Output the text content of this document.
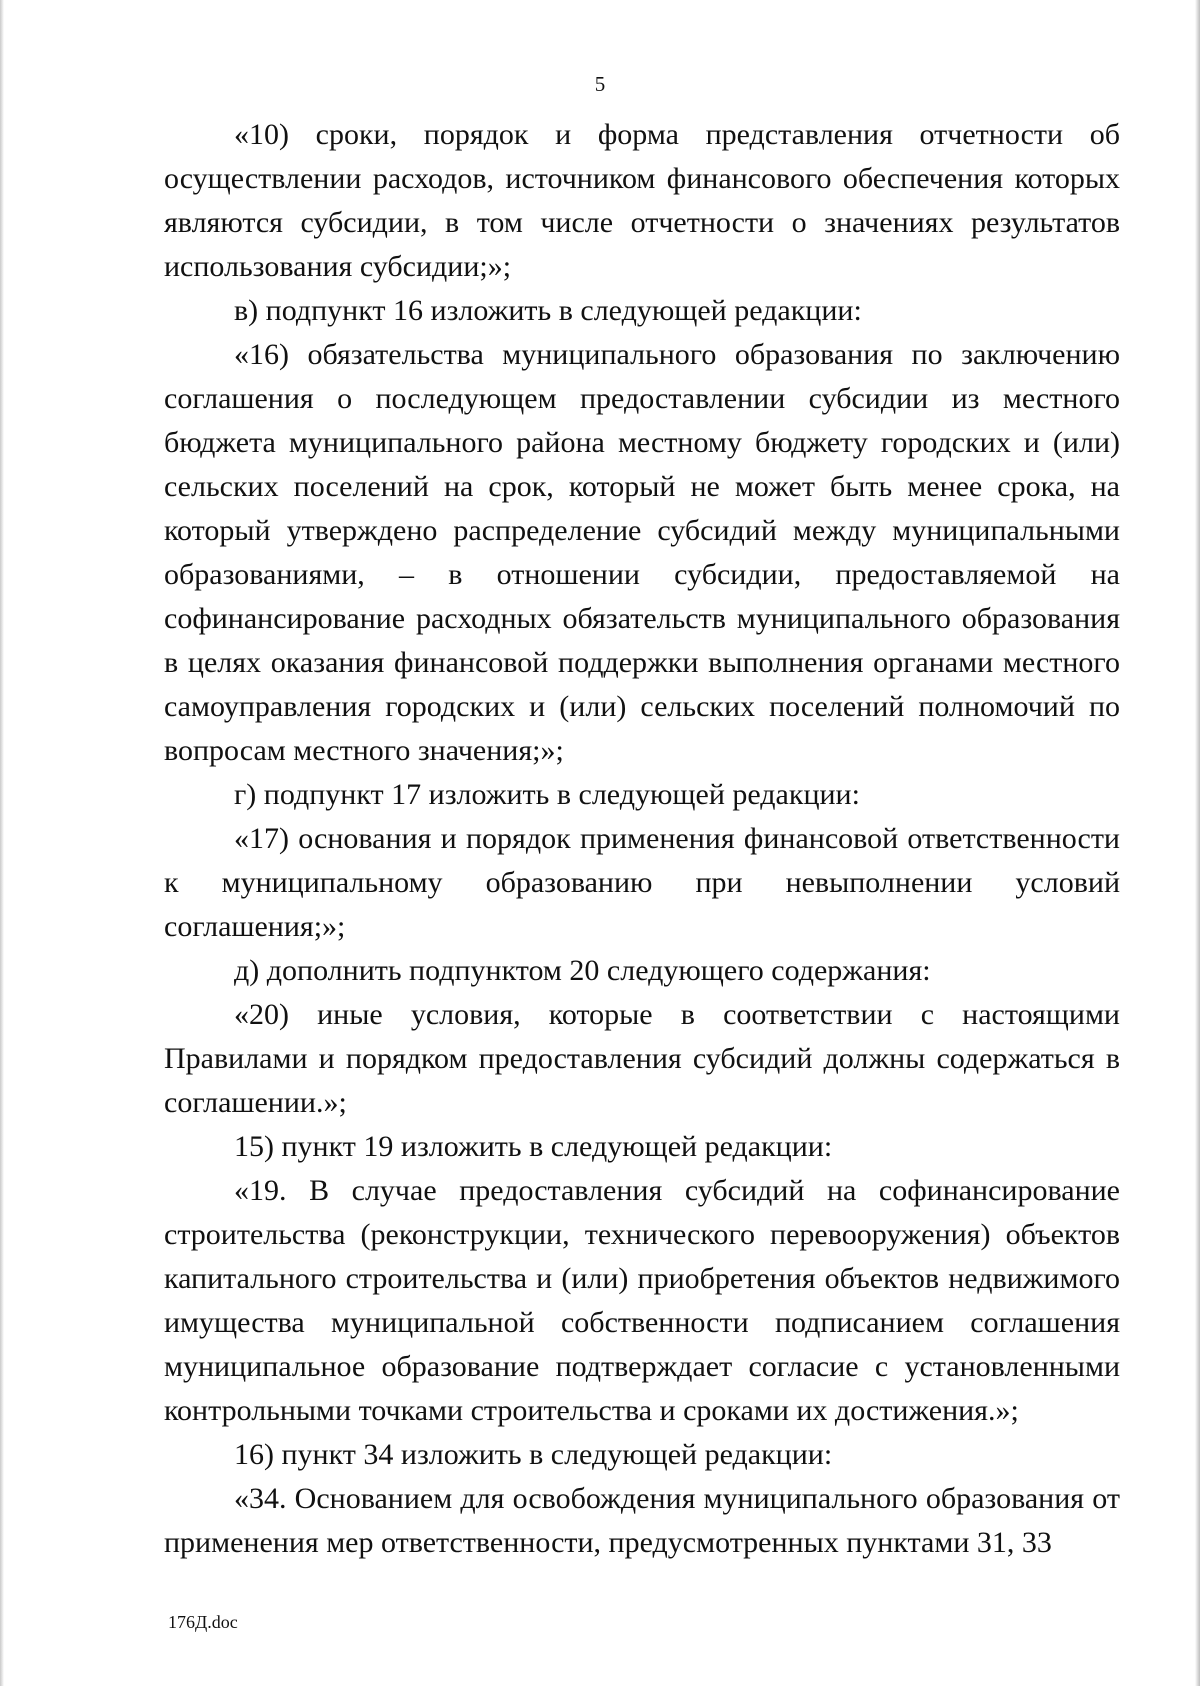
5

«10) сроки, порядок и форма представления отчетности об осуществлении расходов, источником финансового обеспечения которых являются субсидии, в том числе отчетности о значениях результатов использования субсидии;»;

в) подпункт 16 изложить в следующей редакции:

«16) обязательства муниципального образования по заключению соглашения о последующем предоставлении субсидии из местного бюджета муниципального района местному бюджету городских и (или) сельских поселений на срок, который не может быть менее срока, на который утверждено распределение субсидий между муниципальными образованиями, – в отношении субсидии, предоставляемой на софинансирование расходных обязательств муниципального образования в целях оказания финансовой поддержки выполнения органами местного самоуправления городских и (или) сельских поселений полномочий по вопросам местного значения;»;

г) подпункт 17 изложить в следующей редакции:

«17) основания и порядок применения финансовой ответственности к муниципальному образованию при невыполнении условий соглашения;»;

д) дополнить подпунктом 20 следующего содержания:

«20) иные условия, которые в соответствии с настоящими Правилами и порядком предоставления субсидий должны содержаться в соглашении.»;

15) пункт 19 изложить в следующей редакции:

«19. В случае предоставления субсидий на софинансирование строительства (реконструкции, технического перевооружения) объектов капитального строительства и (или) приобретения объектов недвижимого имущества муниципальной собственности подписанием соглашения муниципальное образование подтверждает согласие с установленными контрольными точками строительства и сроками их достижения.»;

16) пункт 34 изложить в следующей редакции:

«34. Основанием для освобождения муниципального образования от применения мер ответственности, предусмотренных пунктами 31, 33

176Д.doc
